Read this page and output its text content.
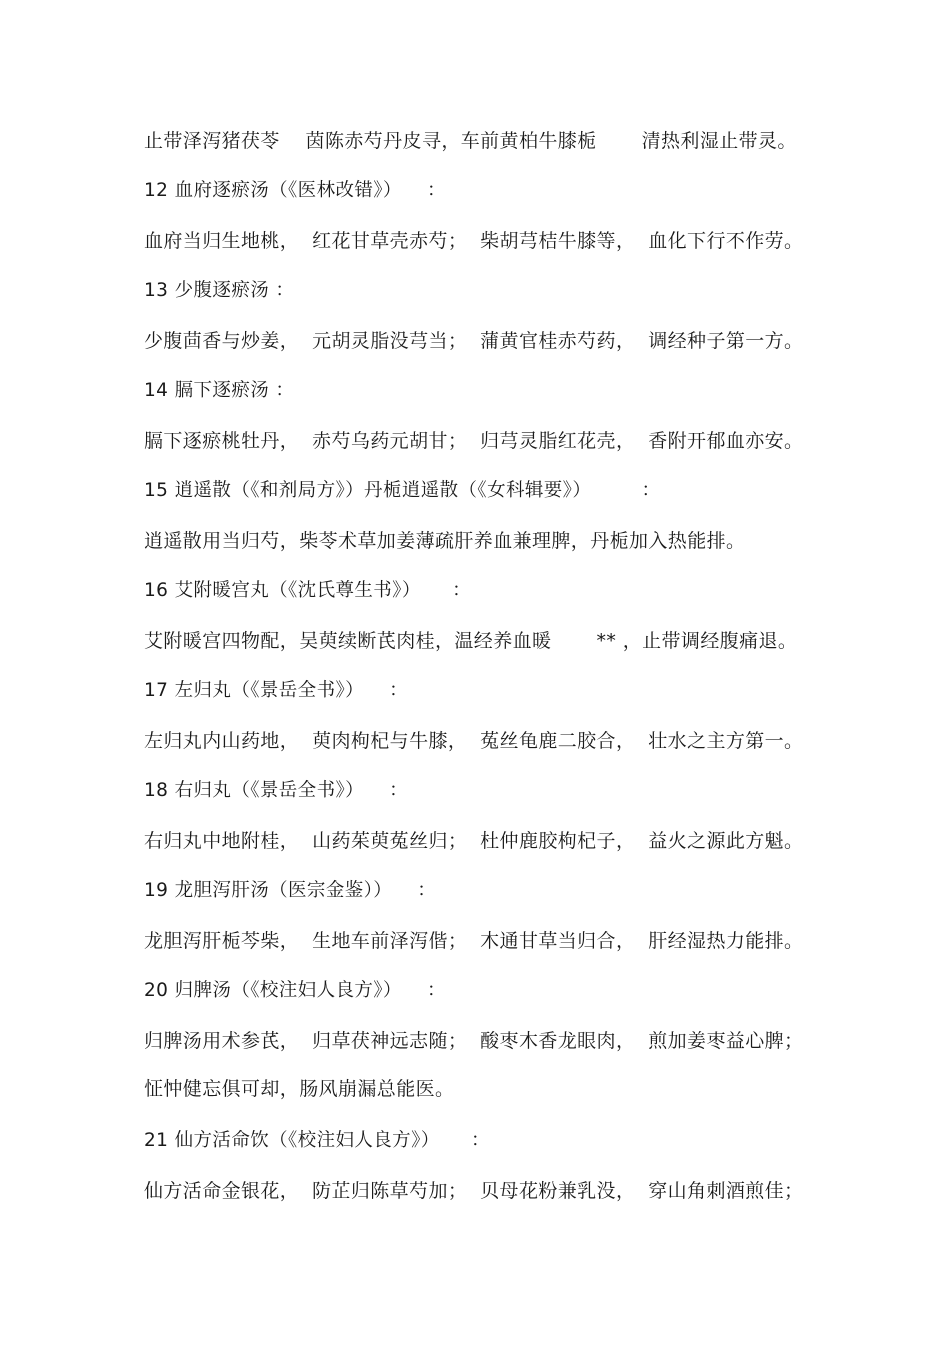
止带泽泻猪茯苓    茵陈赤芍丹皮寻，车前黄柏牛膝栀       清热利湿止带灵。
12 血府逐瘀汤（《医林改错》）    ：
血府当归生地桃，  红花甘草壳赤芍；  柴胡芎桔牛膝等，  血化下行不作劳。
13 少腹逐瘀汤 ：
少腹茴香与炒姜，  元胡灵脂没芎当；  蒲黄官桂赤芍药，  调经种子第一方。
14 膈下逐瘀汤 ：
膈下逐瘀桃牡丹，  赤芍乌药元胡甘；  归芎灵脂红花壳，  香附开郁血亦安。
15 逍遥散（《和剂局方》）丹栀逍遥散（《女科辑要》）        ：
逍遥散用当归芍，柴苓术草加姜薄疏肝养血兼理脾，丹栀加入热能排。
16 艾附暖宫丸（《沈氏尊生书》）     ：
艾附暖宫四物配，吴萸续断芪肉桂，温经养血暖       ** ，止带调经腹痛退。
17 左归丸（《景岳全书》）    ：
左归丸内山药地，  萸肉枸杞与牛膝，  菟丝龟鹿二胶合，  壮水之主方第一。
18 右归丸（《景岳全书》）    ：
右归丸中地附桂，  山药茱萸菟丝归；  杜仲鹿胶枸杞子，  益火之源此方魁。
19 龙胆泻肝汤（医宗金鉴））    ：
龙胆泻肝栀芩柴，  生地车前泽泻偕；  木通甘草当归合，  肝经湿热力能排。
20 归脾汤（《校注妇人良方》）    ：
归脾汤用术参芪，  归草茯神远志随；  酸枣木香龙眼肉，  煎加姜枣益心脾；
怔忡健忘俱可却，肠风崩漏总能医。
21 仙方活命饮（《校注妇人良方》）     ：
仙方活命金银花，  防芷归陈草芍加；  贝母花粉兼乳没，  穿山角刺酒煎佳；
